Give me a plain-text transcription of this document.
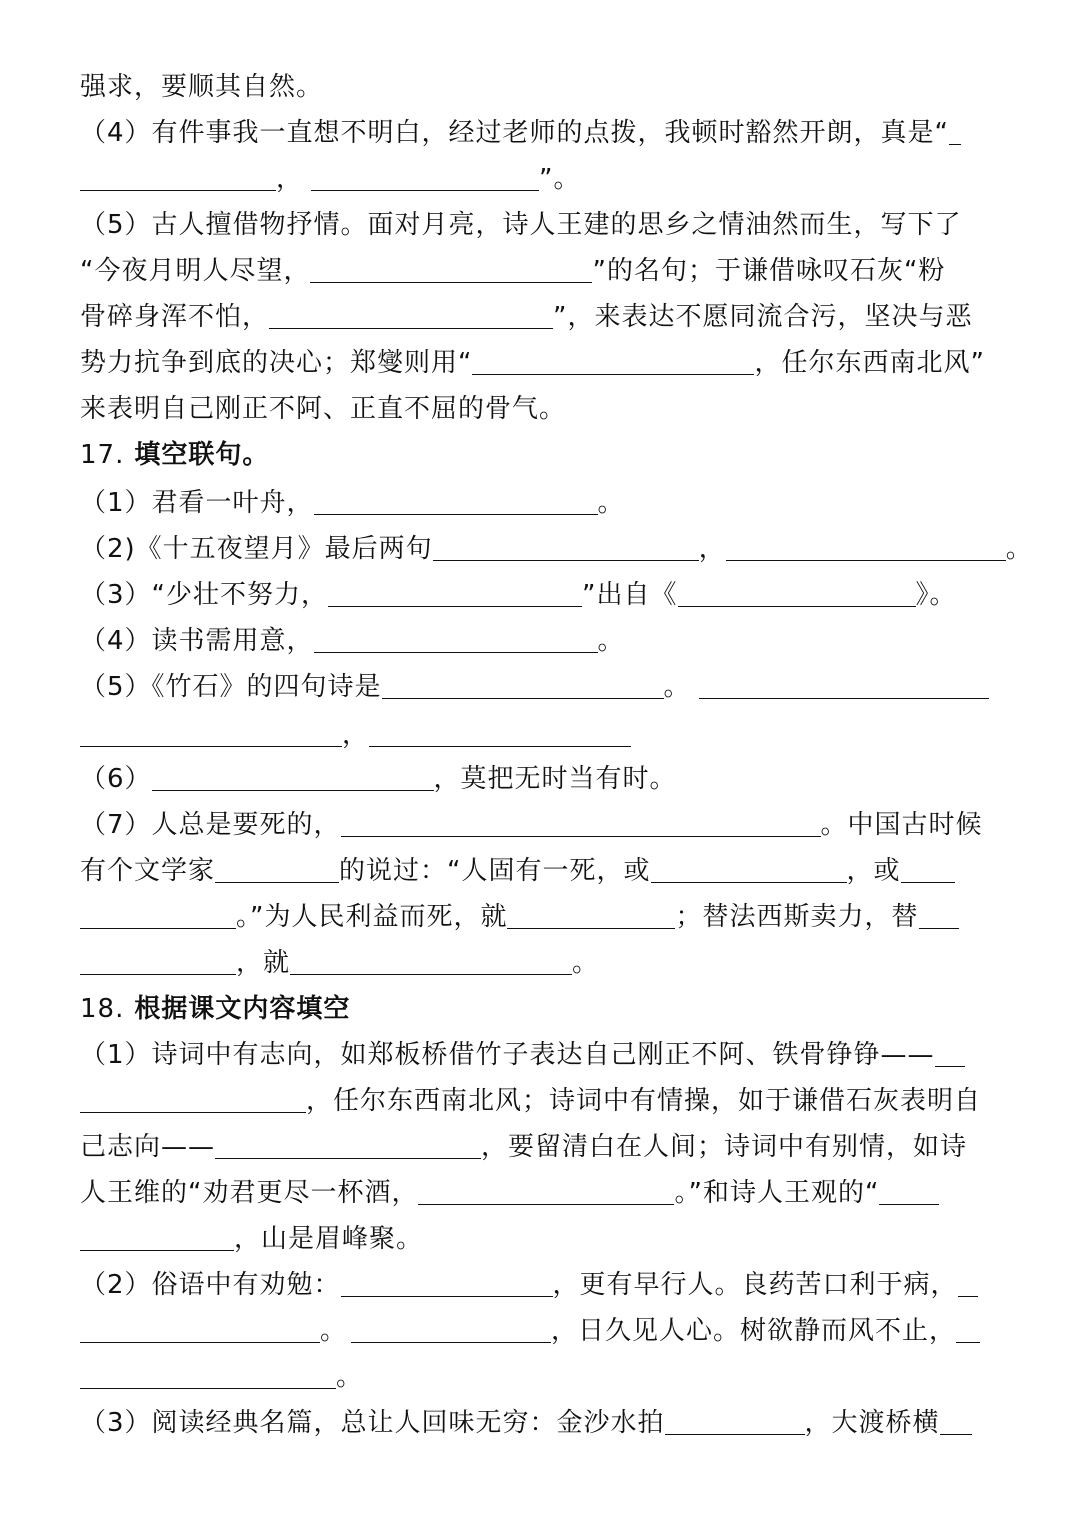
强求，要顺其自然。
（4）有件事我一直想不明白，经过老师的点拨，我顿时豁然开朗，真是“
，	”。
（5）古人擅借物抒情。面对月亮，诗人王建的思乡之情油然而生，写下了
“今夜月明人尽望，	”的名句；于谦借咏叹石灰“粉
骨碎身浑不怕，	”，来表达不愿同流合污，坚决与恶
势力抗争到底的决心；郑燮则用“	，任尔东西南北风”
来表明自己刚正不阿、正直不屈的骨气。
17. 填空联句。
（1）君看一叶舟，	。
（2)《十五夜望月》最后两句	，	。
（3）“少壮不努力，	”出自《	》。
（4）读书需用意，	。
（5）《竹石》的四句诗是	。
，
（6）	，莫把无时当有时。
（7）人总是要死的，	。中国古时候
有个文学家	的说过：“人固有一死，或	，或
。”为人民利益而死，就	；替法西斯卖力，替
，就	。
18. 根据课文内容填空
（1）诗词中有志向，如郑板桥借竹子表达自己刚正不阿、铁骨铮铮——
，任尔东西南北风；诗词中有情操，如于谦借石灰表明自
己志向——	，要留清白在人间；诗词中有别情，如诗
人王维的“劝君更尽一杯酒，	。”和诗人王观的“
，山是眉峰聚。
（2）俗语中有劝勉：	，更有早行人。良药苦口利于病，
。	，日久见人心。树欲静而风不止，
。
（3）阅读经典名篇，总让人回味无穷：金沙水拍	，大渡桥横
